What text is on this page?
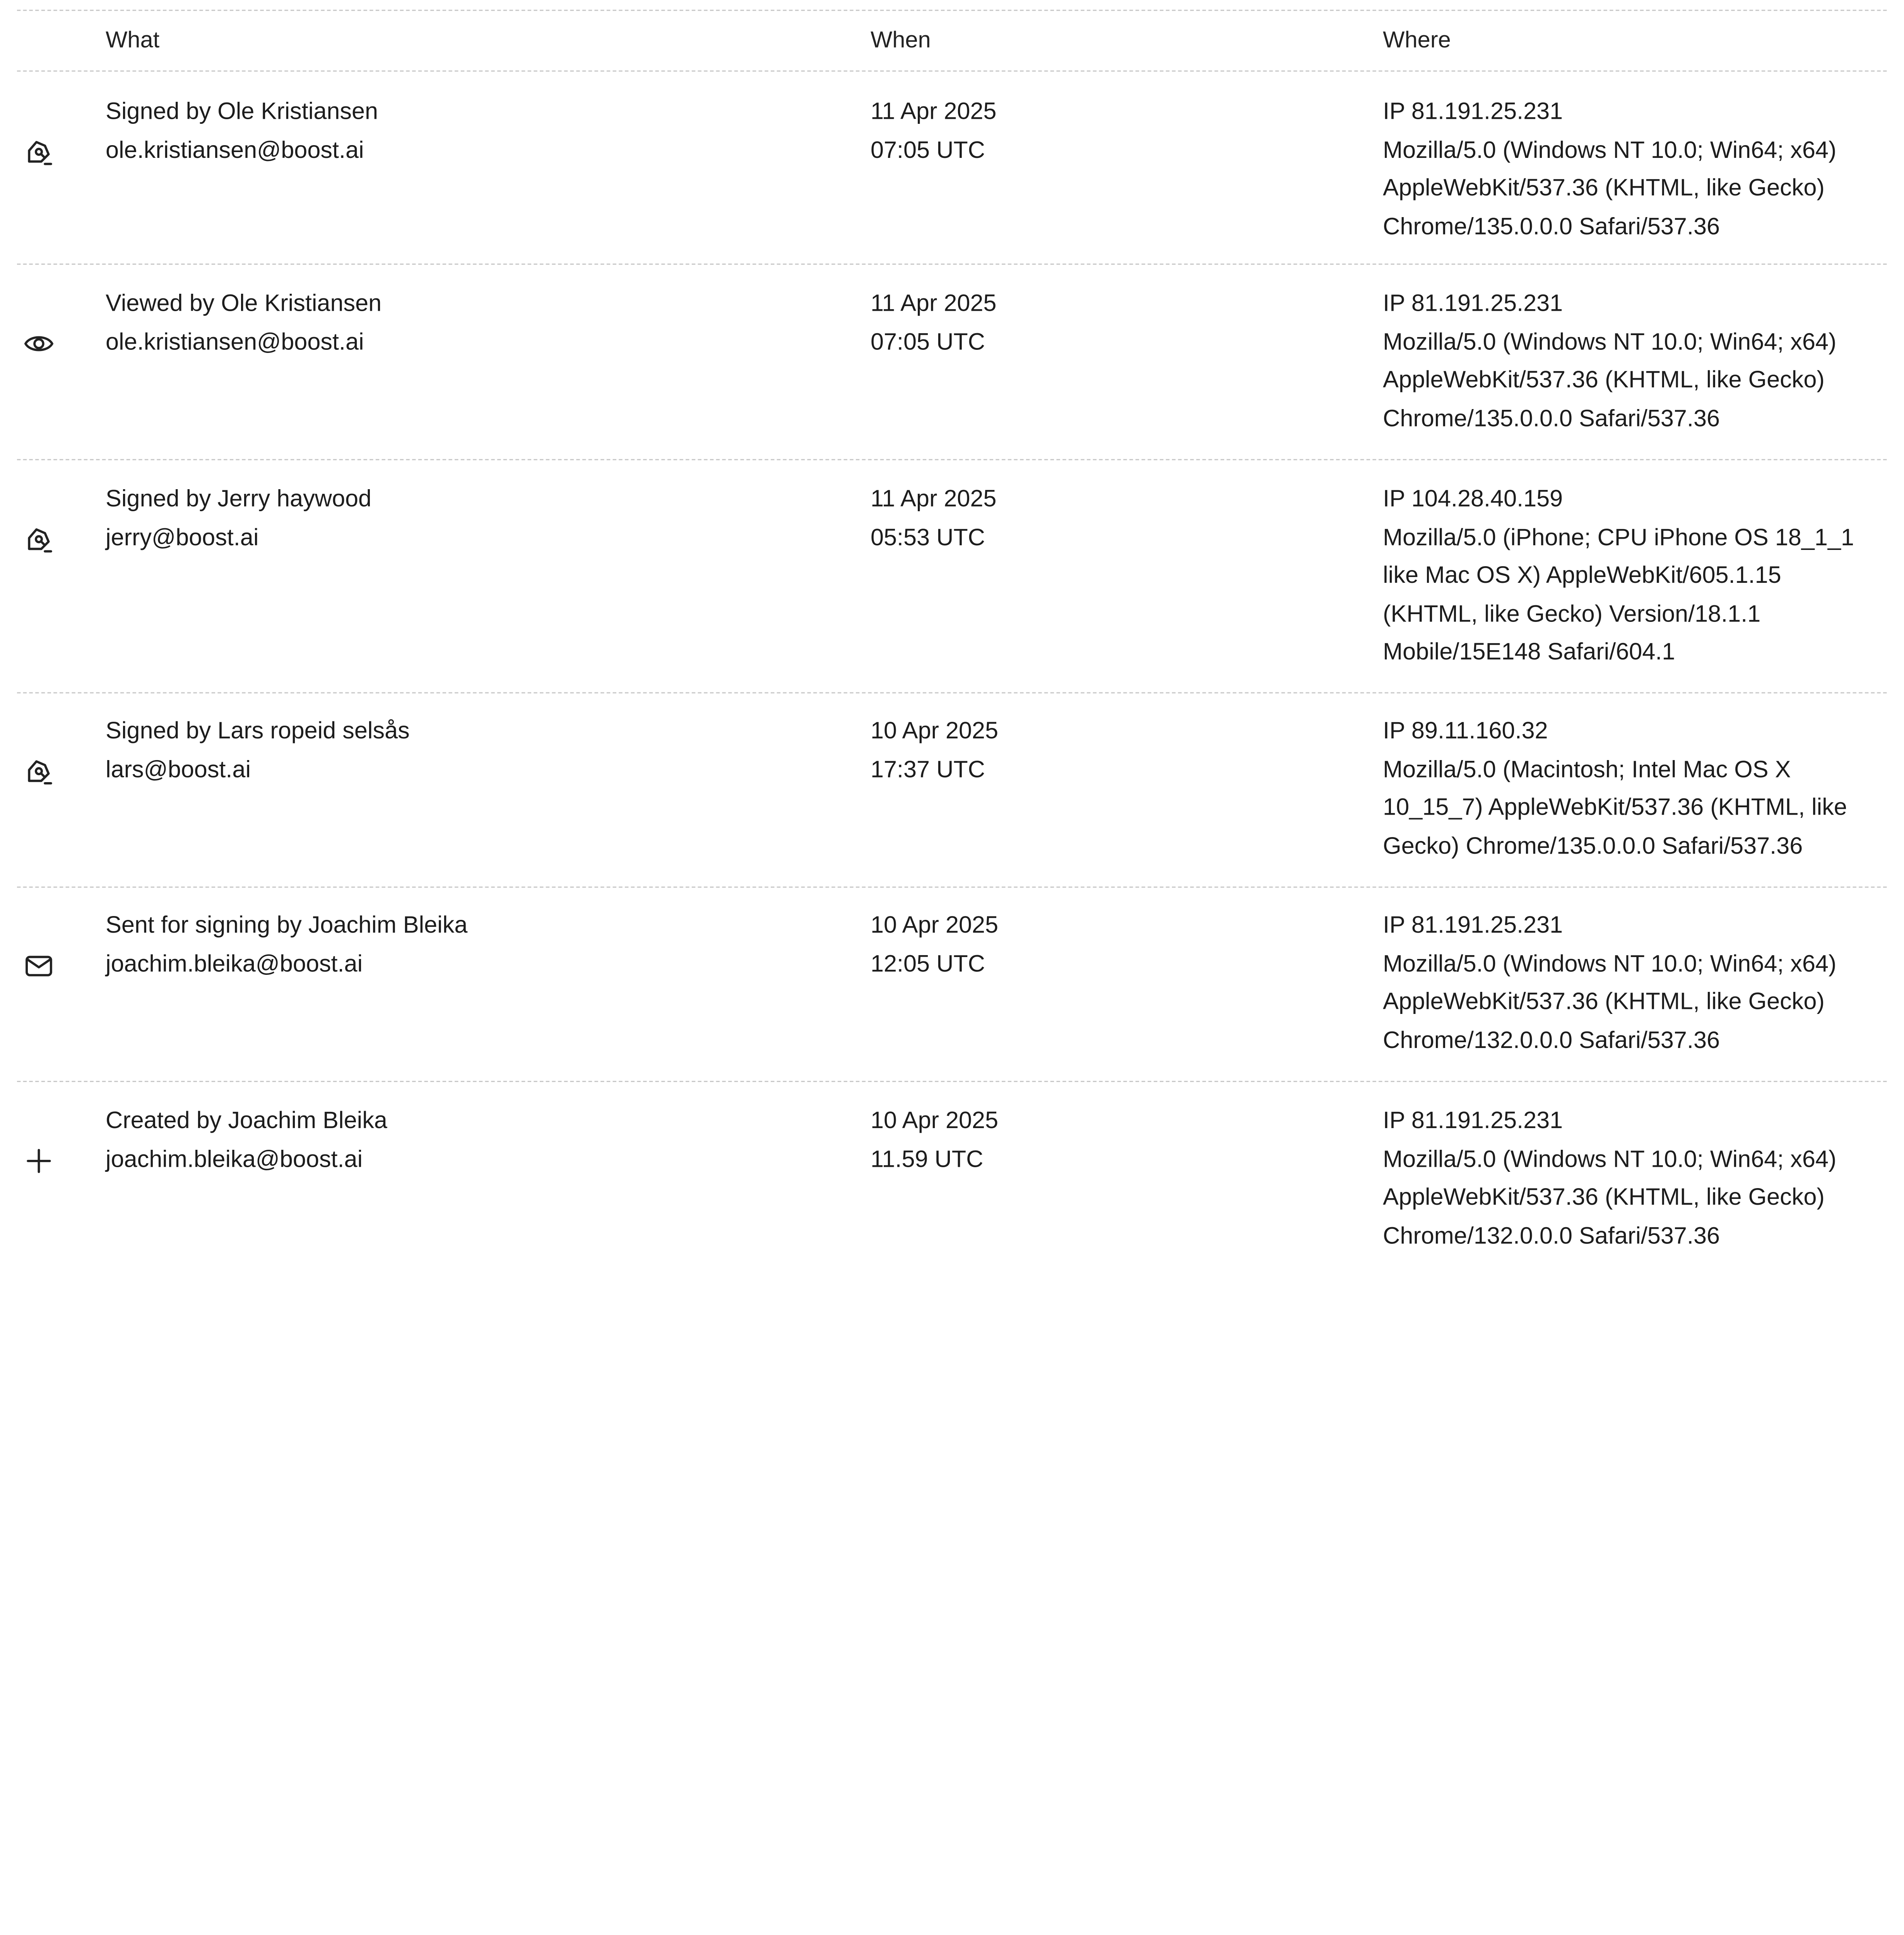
What	When	Where
Signed by Ole Kristiansen
ole.kristiansen@boost.ai
11 Apr 2025
07:05 UTC
IP 81.191.25.231
Mozilla/5.0 (Windows NT 10.0; Win64; x64)
AppleWebKit/537.36 (KHTML, like Gecko)
Chrome/135.0.0.0 Safari/537.36
Viewed by Ole Kristiansen
ole.kristiansen@boost.ai
11 Apr 2025
07:05 UTC
IP 81.191.25.231
Mozilla/5.0 (Windows NT 10.0; Win64; x64)
AppleWebKit/537.36 (KHTML, like Gecko)
Chrome/135.0.0.0 Safari/537.36
Signed by Jerry haywood
jerry@boost.ai
11 Apr 2025
05:53 UTC
IP 104.28.40.159
Mozilla/5.0 (iPhone; CPU iPhone OS 18_1_1
like Mac OS X) AppleWebKit/605.1.15
(KHTML, like Gecko) Version/18.1.1
Mobile/15E148 Safari/604.1
Signed by Lars ropeid selsås
lars@boost.ai
10 Apr 2025
17:37 UTC
IP 89.11.160.32
Mozilla/5.0 (Macintosh; Intel Mac OS X
10_15_7) AppleWebKit/537.36 (KHTML, like
Gecko) Chrome/135.0.0.0 Safari/537.36
Sent for signing by Joachim Bleika
joachim.bleika@boost.ai
10 Apr 2025
12:05 UTC
IP 81.191.25.231
Mozilla/5.0 (Windows NT 10.0; Win64; x64)
AppleWebKit/537.36 (KHTML, like Gecko)
Chrome/132.0.0.0 Safari/537.36
Created by Joachim Bleika
joachim.bleika@boost.ai
10 Apr 2025
11.59 UTC
IP 81.191.25.231
Mozilla/5.0 (Windows NT 10.0; Win64; x64)
AppleWebKit/537.36 (KHTML, like Gecko)
Chrome/132.0.0.0 Safari/537.36
